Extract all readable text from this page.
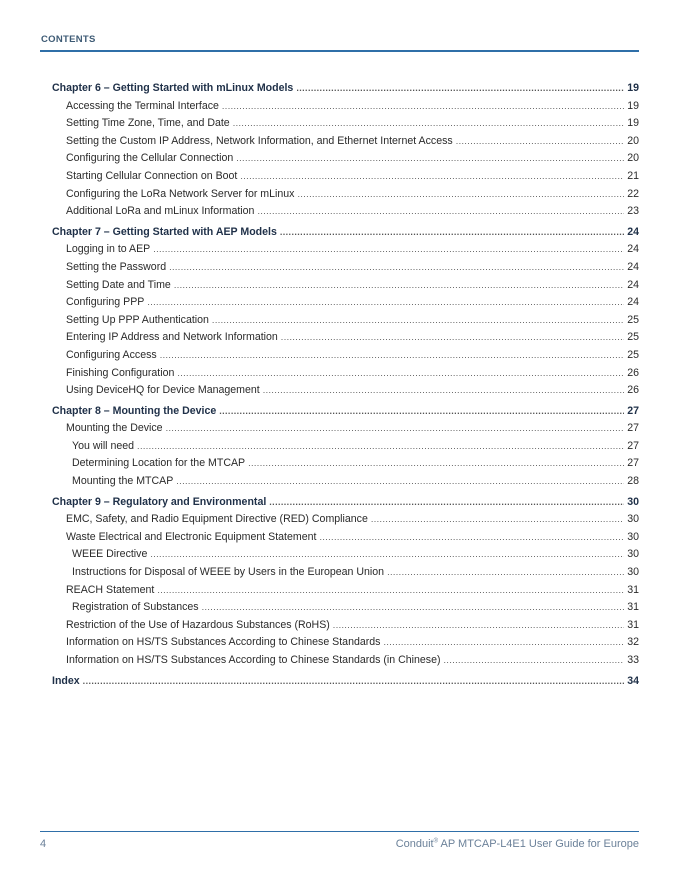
CONTENTS
Chapter 6 – Getting Started with mLinux Models .....	19
Accessing the Terminal Interface .....	19
Setting Time Zone, Time, and Date .....	19
Setting the Custom IP Address, Network Information, and Ethernet Internet Access .....	20
Configuring the Cellular Connection .....	20
Starting Cellular Connection on Boot .....	21
Configuring the LoRa Network Server for mLinux .....	22
Additional LoRa and mLinux Information .....	23
Chapter 7 – Getting Started with AEP Models .....	24
Logging in to AEP .....	24
Setting the Password .....	24
Setting Date and Time .....	24
Configuring PPP .....	24
Setting Up PPP Authentication .....	25
Entering IP Address and Network Information .....	25
Configuring Access .....	25
Finishing Configuration .....	26
Using DeviceHQ for Device Management .....	26
Chapter 8 – Mounting the Device .....	27
Mounting the Device .....	27
You will need .....	27
Determining Location for the MTCAP .....	27
Mounting the MTCAP .....	28
Chapter 9 – Regulatory and Environmental .....	30
EMC, Safety, and Radio Equipment Directive (RED) Compliance .....	30
Waste Electrical and Electronic Equipment Statement .....	30
WEEE Directive .....	30
Instructions for Disposal of WEEE by Users in the European Union .....	30
REACH Statement .....	31
Registration of Substances .....	31
Restriction of the Use of Hazardous Substances (RoHS) .....	31
Information on HS/TS Substances According to Chinese Standards .....	32
Information on HS/TS Substances According to Chinese Standards (in Chinese) .....	33
Index .....	34
4	Conduit® AP MTCAP-L4E1 User Guide for Europe
